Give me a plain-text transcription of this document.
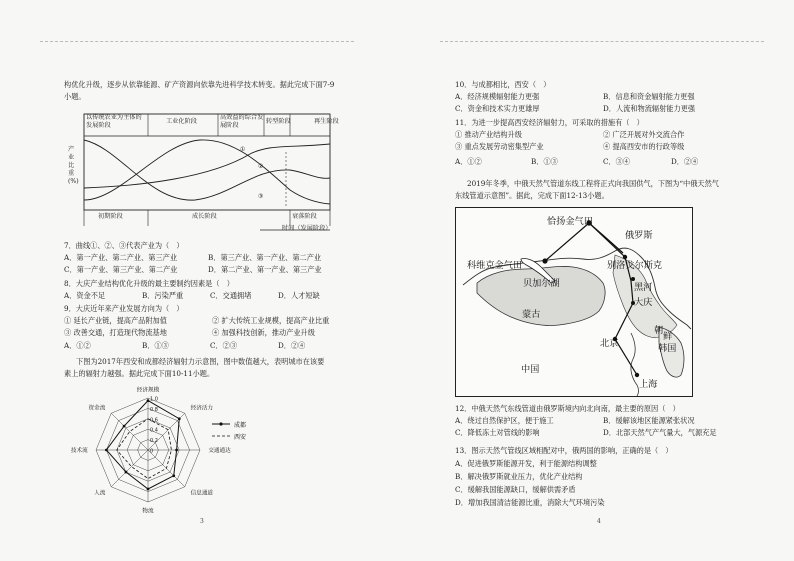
构优化升级，逐步从依靠能源、矿产资源向依靠先进科学技术转变。据此完成下面7-9
小题。
以传统农业为主体的发展阶段
工业化阶段
高效益的综合发展阶段
转型阶段	再生阶段
产业比重(%)
①
②
③
初期阶段	成长阶段	衰落阶段
时间（发展阶段）
7．曲线①、②、③代表产业为（　）
A．第一产业、第二产业、第三产业	B．第三产业、第一产业、第二产业
C．第一产业、第三产业、第二产业	D．第二产业、第一产业、第三产业
8．大庆产业结构优化升级的最主要制约因素是（　）
A．资金不足	B．污染严重	C．交通拥堵	D．人才短缺
9．大庆近年来产业发展方向为（　）
① 延长产业链，提高产品附加值	② 扩大传统工业规模，提高产业比重
③ 改善交通，打造现代物流基地	④ 加强科技创新，推动产业升级
A．①②	B．①③	C．②③	D．②④
下图为2017年西安和成都经济辐射力示意图，图中数值越大，表明城市在该要
素上的辐射力越强。据此完成下面10-11小题。
1.0
0.8
0.6
0.4
0.2
0
经济规模
经济活力
交通通达
信息通道
物流
人流
技术流
资金流
成都
西安
3
10．与成都相比，西安（　）
A．经济规模辐射能力更强	B．信息和资金辐射能力更强
C．资金和技术实力更雄厚	D．人流和物流辐射能力更强
11．为进一步提高西安经济辐射力，可采取的措施有（　）
① 推动产业结构升级	② 广泛开展对外交流合作
③ 重点发展劳动密集型产业	④ 提高西安市的行政等级
A．①②	B．①③	C．③④	D．②④
2019年冬季，中俄天然气管道东线工程将正式向我国供气，下图为“中俄天然气
东线管道示意图”。据此，完成下面12-13小题。
恰扬金气田
俄罗斯
科维克金气田	别洛戈尔斯克
贝加尔湖	黑河
大庆
蒙古
朝
北京
鲜
韩国
中国
上海
12．中俄天然气东线管道由俄罗斯境内向北向南，最主要的原因（　）
A．绕过自然保护区，便于施工	B．缓解该地区能源紧张状况
C．降低冻土对管线的影响	D．北部天然气产气量大，气源充足
13．图示天然气管线区域相配对中，俄两国的影响，正确的是（　）
A．促进俄罗斯能源开发，利于能源结构调整
B．解决俄罗斯就业压力，优化产业结构
C．缓解我国能源缺口，缓解供需矛盾
D．增加我国清洁能源比重，消除大气环境污染
4
